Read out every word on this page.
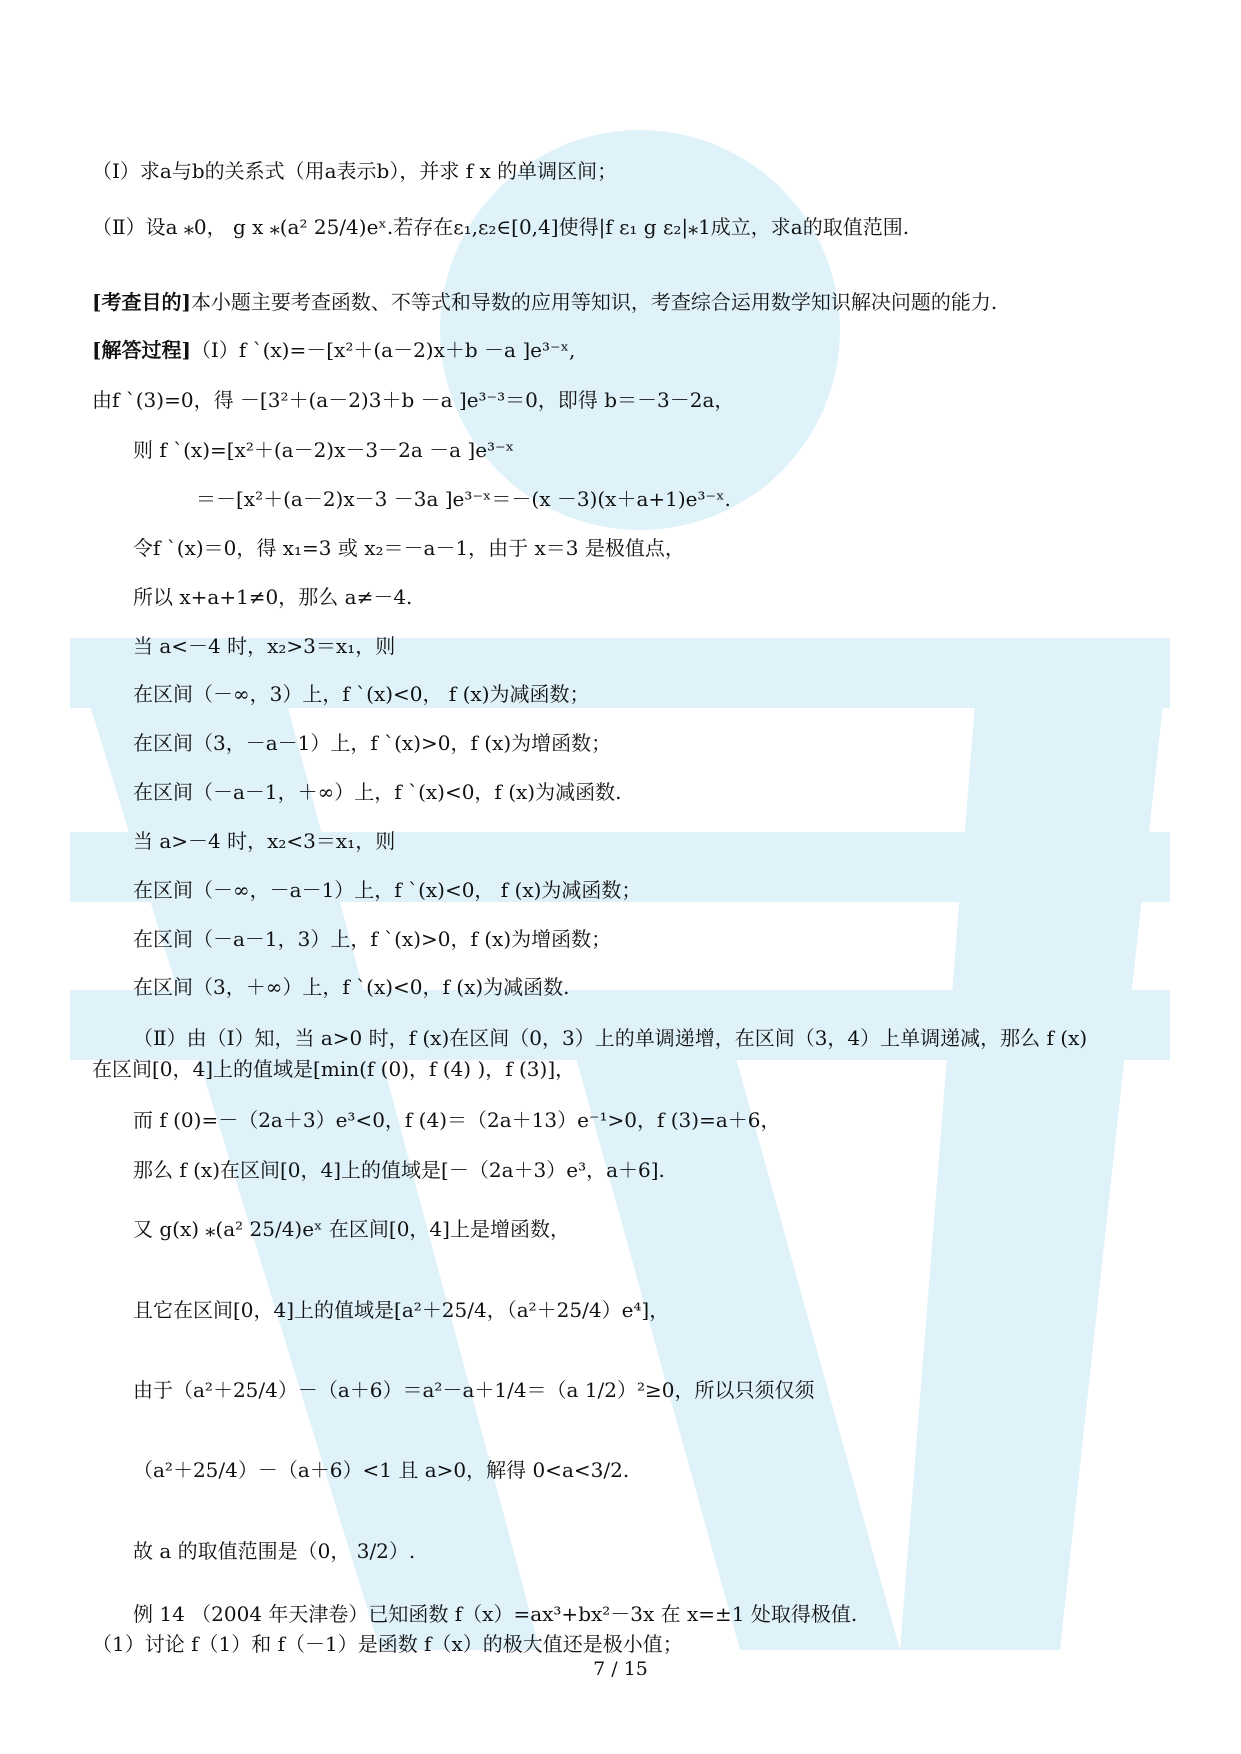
（Ⅰ）求a与b的关系式（用a表示b），并求 f x 的单调区间；
（Ⅱ）设a ⁎0， g x ⁎(a² 25/4)eˣ.若存在ε₁,ε₂∈[0,4]使得|f ε₁ g ε₂|⁎1成立，求a的取值范围.
[考查目的]本小题主要考查函数、不等式和导数的应用等知识，考查综合运用数学知识解决问题的能力.
[解答过程]（Ⅰ）f `(x)=－[x²＋(a－2)x＋b －a ]e³⁻ˣ,
由f `(3)=0，得 －[3²＋(a－2)3＋b －a ]e³⁻³＝0，即得 b＝－3－2a，
则 f `(x)=[x²＋(a－2)x－3－2a －a ]e³⁻ˣ
＝－[x²＋(a－2)x－3 －3a ]e³⁻ˣ＝－(x －3)(x＋a+1)e³⁻ˣ.
令f `(x)＝0，得 x₁=3 或 x₂＝－a－1，由于 x＝3 是极值点，
所以 x+a+1≠0，那么 a≠－4.
当 a<－4 时，x₂>3＝x₁，则
在区间（－∞，3）上，f `(x)<0， f (x)为减函数；
在区间（3，－a－1）上，f `(x)>0，f (x)为增函数；
在区间（－a－1，＋∞）上，f `(x)<0，f (x)为减函数.
当 a>－4 时，x₂<3＝x₁，则
在区间（－∞，－a－1）上，f `(x)<0， f (x)为减函数；
在区间（－a－1，3）上，f `(x)>0，f (x)为增函数；
在区间（3，＋∞）上，f `(x)<0，f (x)为减函数.
（Ⅱ）由（Ⅰ）知，当 a>0 时，f (x)在区间（0，3）上的单调递增，在区间（3，4）上单调递减，那么 f (x)
在区间[0，4]上的值域是[min(f (0)，f (4) )，f (3)]，
而 f (0)=－（2a＋3）e³<0，f (4)＝（2a＋13）e⁻¹>0，f (3)=a＋6，
那么 f (x)在区间[0，4]上的值域是[－（2a＋3）e³，a＋6].
又 g(x) ⁎(a² 25/4)eˣ 在区间[0，4]上是增函数，
且它在区间[0，4]上的值域是[a²＋25/4，（a²＋25/4）e⁴]，
由于（a²＋25/4）－（a＋6）＝a²－a＋1/4＝（a 1/2）²≥0，所以只须仅须
（a²＋25/4）－（a＋6）<1 且 a>0，解得 0<a<3/2.
故 a 的取值范围是（0， 3/2）.
例 14 （2004 年天津卷）已知函数 f（x）=ax³+bx²－3x 在 x=±1 处取得极值.
（1）讨论 f（1）和 f（－1）是函数 f（x）的极大值还是极小值；
7 / 15
